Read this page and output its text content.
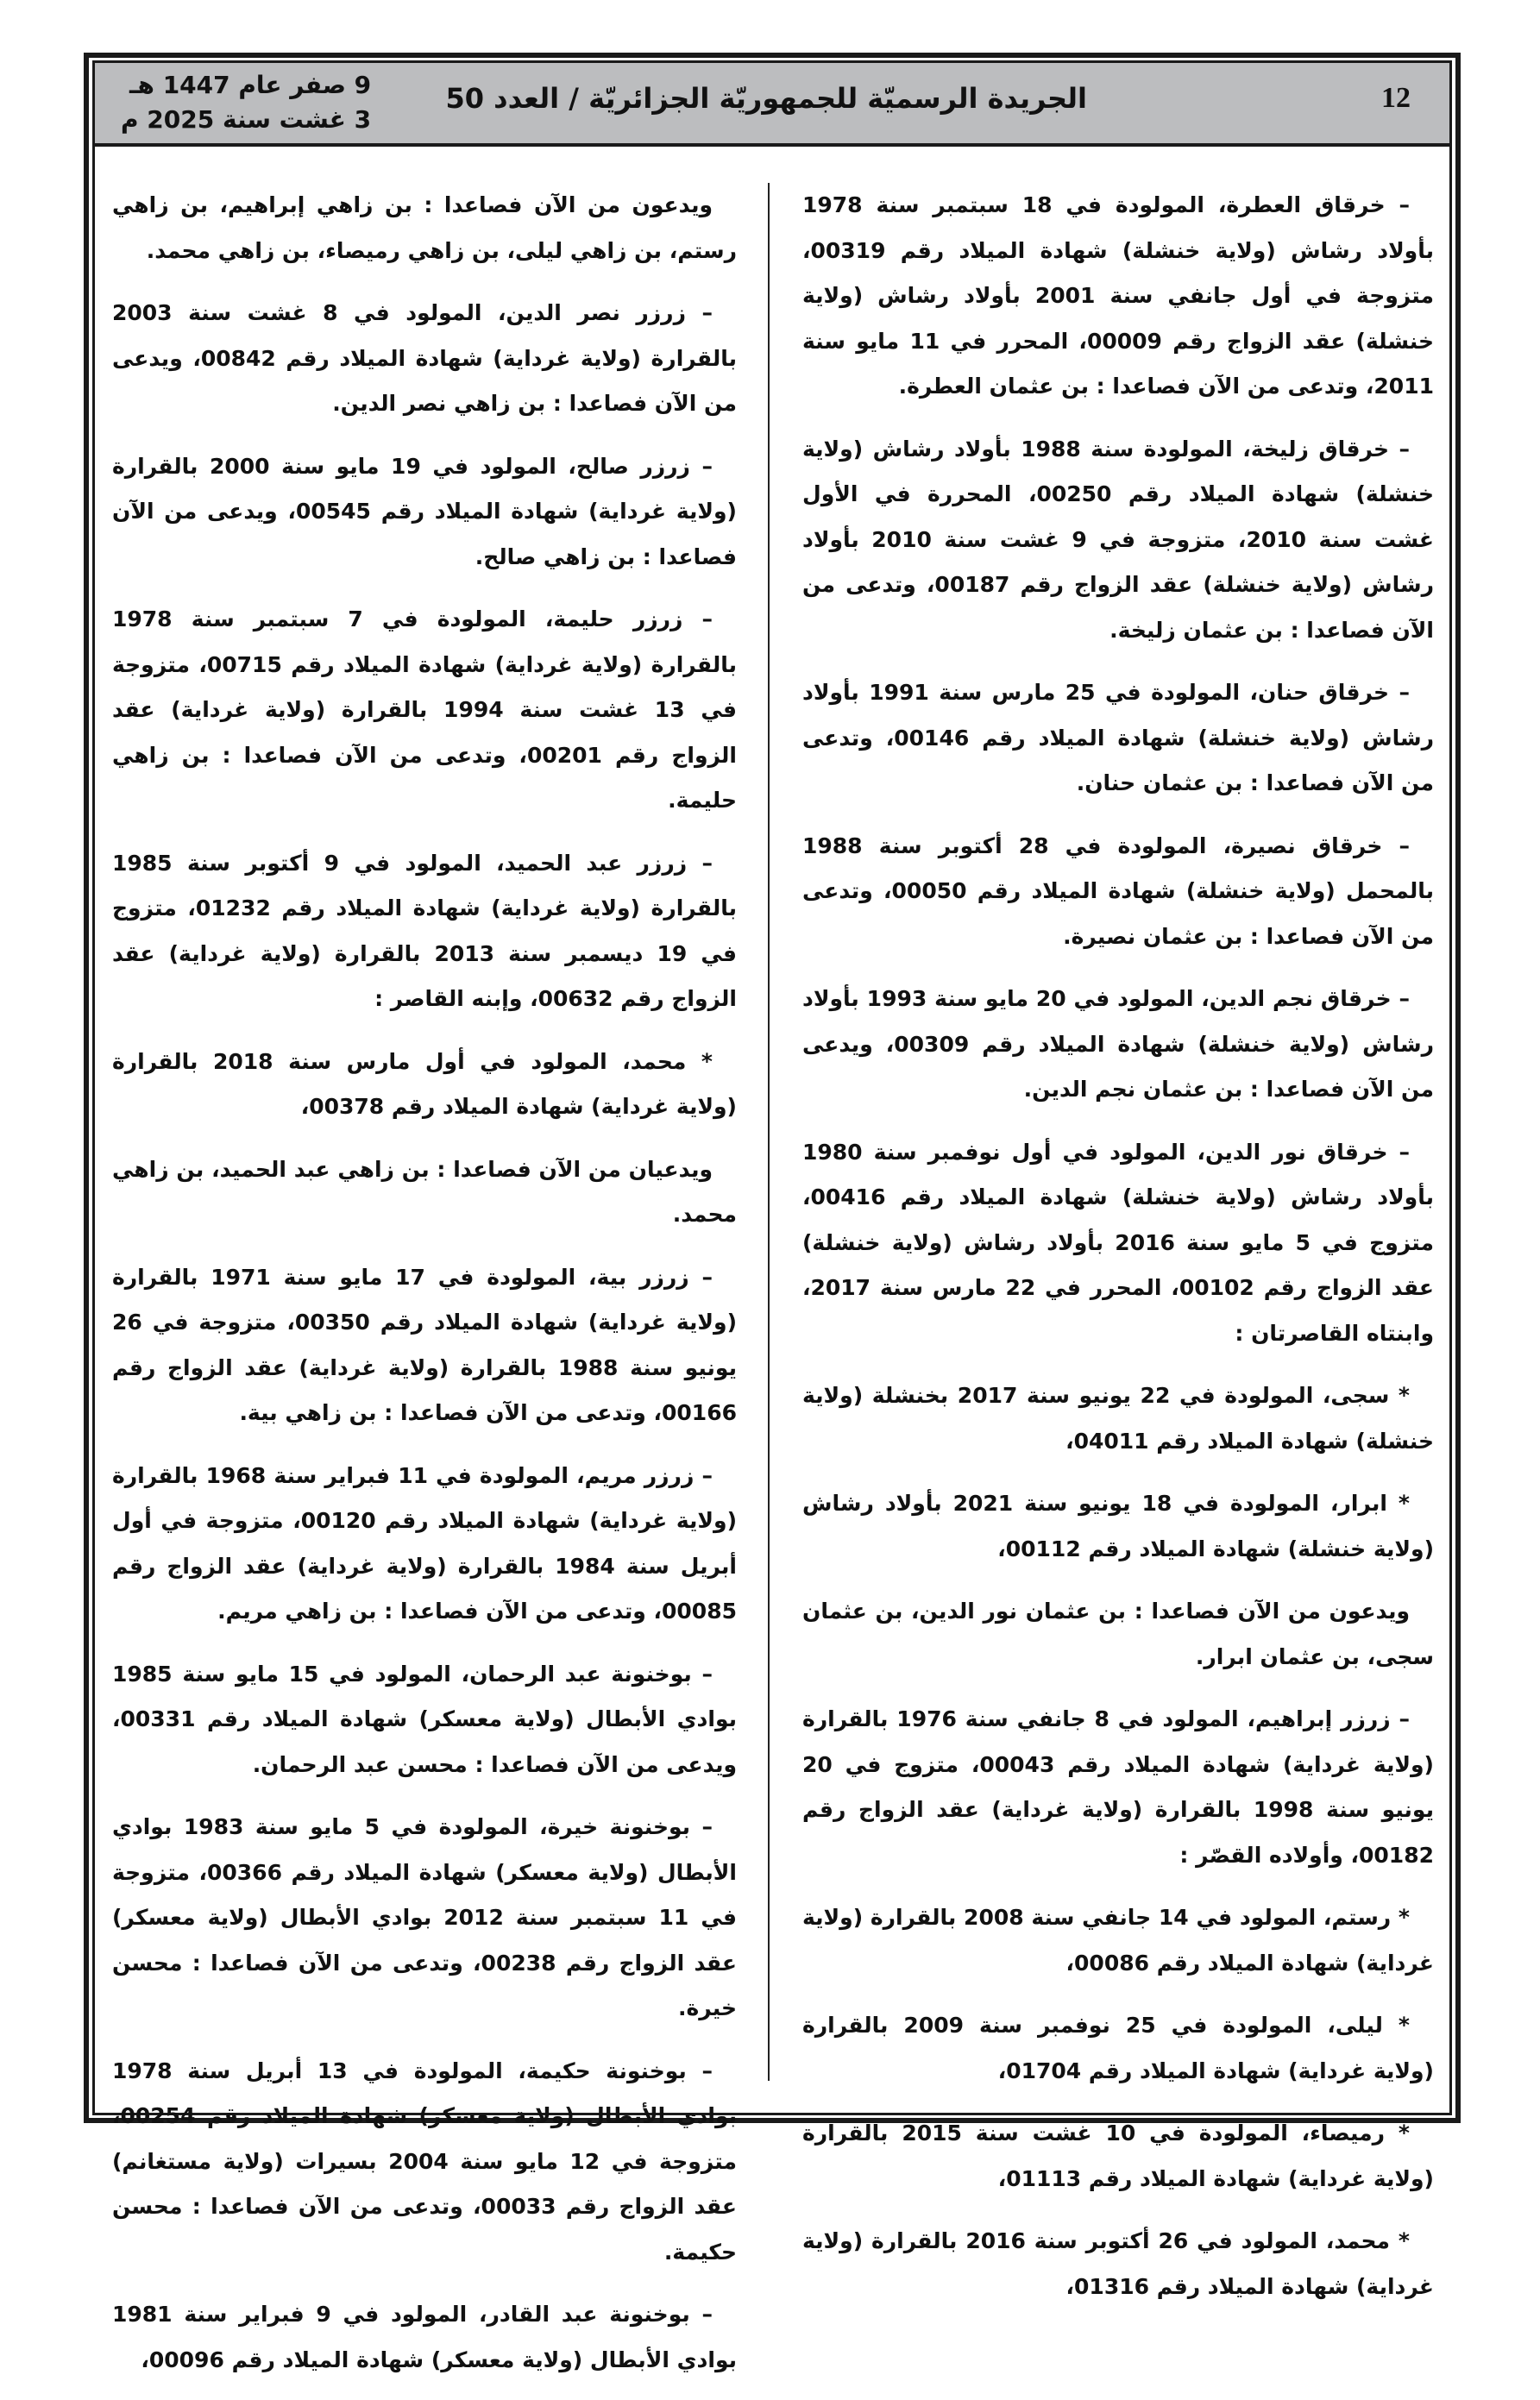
12
الجريدة الرسميّة للجمهوريّة الجزائريّة / العدد 50
9 صفر عام 1447 هـ
3 غشت سنة 2025 م

– خرقاق العطرة، المولودة في 18 سبتمبر سنة 1978 بأولاد رشاش (ولاية خنشلة) شهادة الميلاد رقم 00319، متزوجة في أول جانفي سنة 2001 بأولاد رشاش (ولاية خنشلة) عقد الزواج رقم 00009، المحرر في 11 مايو سنة 2011، وتدعى من الآن فصاعدا : بن عثمان العطرة.

– خرقاق زليخة، المولودة سنة 1988 بأولاد رشاش (ولاية خنشلة) شهادة الميلاد رقم 00250، المحررة في الأول غشت سنة 2010، متزوجة في 9 غشت سنة 2010 بأولاد رشاش (ولاية خنشلة) عقد الزواج رقم 00187، وتدعى من الآن فصاعدا : بن عثمان زليخة.

– خرقاق حنان، المولودة في 25 مارس سنة 1991 بأولاد رشاش (ولاية خنشلة) شهادة الميلاد رقم 00146، وتدعى من الآن فصاعدا : بن عثمان حنان.

– خرقاق نصيرة، المولودة في 28 أكتوبر سنة 1988 بالمحمل (ولاية خنشلة) شهادة الميلاد رقم 00050، وتدعى من الآن فصاعدا : بن عثمان نصيرة.

– خرقاق نجم الدين، المولود في 20 مايو سنة 1993 بأولاد رشاش (ولاية خنشلة) شهادة الميلاد رقم 00309، ويدعى من الآن فصاعدا : بن عثمان نجم الدين.

– خرقاق نور الدين، المولود في أول نوفمبر سنة 1980 بأولاد رشاش (ولاية خنشلة) شهادة الميلاد رقم 00416، متزوج في 5 مايو سنة 2016 بأولاد رشاش (ولاية خنشلة) عقد الزواج رقم 00102، المحرر في 22 مارس سنة 2017، وابنتاه القاصرتان :

* سجى، المولودة في 22 يونيو سنة 2017 بخنشلة (ولاية خنشلة) شهادة الميلاد رقم 04011،

* ابرار، المولودة في 18 يونيو سنة 2021 بأولاد رشاش (ولاية خنشلة) شهادة الميلاد رقم 00112،

ويدعون من الآن فصاعدا : بن عثمان نور الدين، بن عثمان سجى، بن عثمان ابرار.

– زرزر إبراهيم، المولود في 8 جانفي سنة 1976 بالقرارة (ولاية غرداية) شهادة الميلاد رقم 00043، متزوج في 20 يونيو سنة 1998 بالقرارة (ولاية غرداية) عقد الزواج رقم 00182، وأولاده القصّر :

* رستم، المولود في 14 جانفي سنة 2008 بالقرارة (ولاية غرداية) شهادة الميلاد رقم 00086،

* ليلى، المولودة في 25 نوفمبر سنة 2009 بالقرارة (ولاية غرداية) شهادة الميلاد رقم 01704،

* رميصاء، المولودة في 10 غشت سنة 2015 بالقرارة (ولاية غرداية) شهادة الميلاد رقم 01113،

* محمد، المولود في 26 أكتوبر سنة 2016 بالقرارة (ولاية غرداية) شهادة الميلاد رقم 01316،

ويدعون من الآن فصاعدا : بن زاهي إبراهيم، بن زاهي رستم، بن زاهي ليلى، بن زاهي رميصاء، بن زاهي محمد.

– زرزر نصر الدين، المولود في 8 غشت سنة 2003 بالقرارة (ولاية غرداية) شهادة الميلاد رقم 00842، ويدعى من الآن فصاعدا : بن زاهي نصر الدين.

– زرزر صالح، المولود في 19 مايو سنة 2000 بالقرارة (ولاية غرداية) شهادة الميلاد رقم 00545، ويدعى من الآن فصاعدا : بن زاهي صالح.

– زرزر حليمة، المولودة في 7 سبتمبر سنة 1978 بالقرارة (ولاية غرداية) شهادة الميلاد رقم 00715، متزوجة في 13 غشت سنة 1994 بالقرارة (ولاية غرداية) عقد الزواج رقم 00201، وتدعى من الآن فصاعدا : بن زاهي حليمة.

– زرزر عبد الحميد، المولود في 9 أكتوبر سنة 1985 بالقرارة (ولاية غرداية) شهادة الميلاد رقم 01232، متزوج في 19 ديسمبر سنة 2013 بالقرارة (ولاية غرداية) عقد الزواج رقم 00632، وإبنه القاصر :

* محمد، المولود في أول مارس سنة 2018 بالقرارة (ولاية غرداية) شهادة الميلاد رقم 00378،

ويدعيان من الآن فصاعدا : بن زاهي عبد الحميد، بن زاهي محمد.

– زرزر بية، المولودة في 17 مايو سنة 1971 بالقرارة (ولاية غرداية) شهادة الميلاد رقم 00350، متزوجة في 26 يونيو سنة 1988 بالقرارة (ولاية غرداية) عقد الزواج رقم 00166، وتدعى من الآن فصاعدا : بن زاهي بية.

– زرزر مريم، المولودة في 11 فبراير سنة 1968 بالقرارة (ولاية غرداية) شهادة الميلاد رقم 00120، متزوجة في أول أبريل سنة 1984 بالقرارة (ولاية غرداية) عقد الزواج رقم 00085، وتدعى من الآن فصاعدا : بن زاهي مريم.

– بوخنونة عبد الرحمان، المولود في 15 مايو سنة 1985 بوادي الأبطال (ولاية معسكر) شهادة الميلاد رقم 00331، ويدعى من الآن فصاعدا : محسن عبد الرحمان.

– بوخنونة خيرة، المولودة في 5 مايو سنة 1983 بوادي الأبطال (ولاية معسكر) شهادة الميلاد رقم 00366، متزوجة في 11 سبتمبر سنة 2012 بوادي الأبطال (ولاية معسكر) عقد الزواج رقم 00238، وتدعى من الآن فصاعدا : محسن خيرة.

– بوخنونة حكيمة، المولودة في 13 أبريل سنة 1978 بوادي الأبطال (ولاية معسكر) شهادة الميلاد رقم 00254، متزوجة في 12 مايو سنة 2004 بسيرات (ولاية مستغانم) عقد الزواج رقم 00033، وتدعى من الآن فصاعدا : محسن حكيمة.

– بوخنونة عبد القادر، المولود في 9 فبراير سنة 1981 بوادي الأبطال (ولاية معسكر) شهادة الميلاد رقم 00096،
